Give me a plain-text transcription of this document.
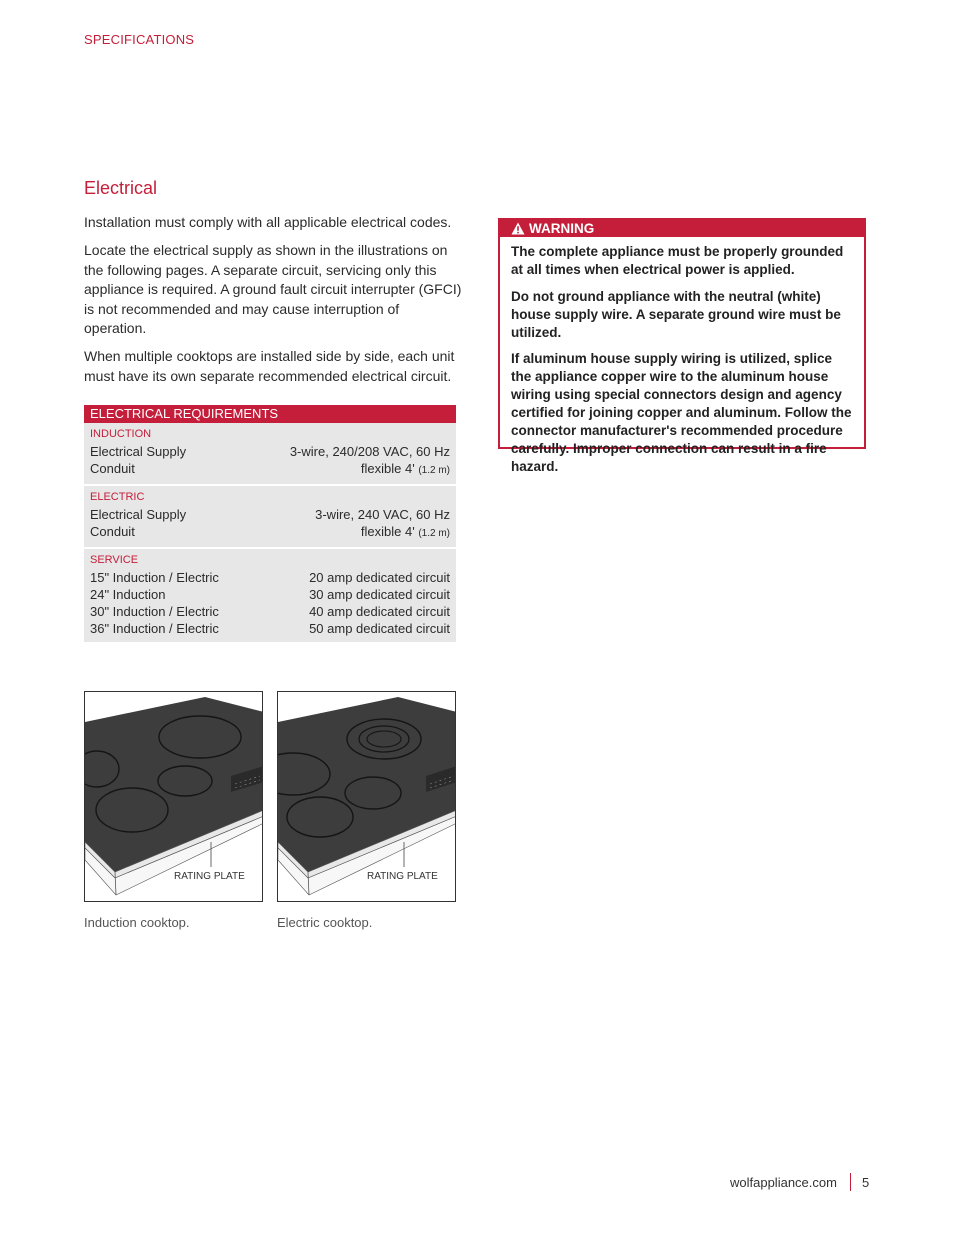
SPECIFICATIONS
Electrical

Installation must comply with all applicable electrical codes.

Locate the electrical supply as shown in the illustrations on the following pages. A separate circuit, servicing only this appliance is required. A ground fault circuit interrupter (GFCI) is not recommended and may cause interruption of operation.

When multiple cooktops are installed side by side, each unit must have its own separate recommended electrical circuit.

ELECTRICAL REQUIREMENTS
INDUCTION
Electrical Supply	3-wire, 240/208 VAC, 60 Hz
Conduit	flexible 4' (1.2 m)
ELECTRIC
Electrical Supply	3-wire, 240 VAC, 60 Hz
Conduit	flexible 4' (1.2 m)
SERVICE
15" Induction / Electric	20 amp dedicated circuit
24" Induction	30 amp dedicated circuit
30" Induction / Electric	40 amp dedicated circuit
36" Induction / Electric	50 amp dedicated circuit
WARNING

The complete appliance must be properly grounded at all times when electrical power is applied.

Do not ground appliance with the neutral (white) house supply wire. A separate ground wire must be utilized.

If aluminum house supply wiring is utilized, splice the appliance copper wire to the aluminum house wiring using special connectors design and agency certified for joining copper and aluminum. Follow the connector manufacturer's recommended procedure carefully. Improper connection can result in a fire hazard.

RATING PLATE
Induction cooktop.
RATING PLATE
Electric cooktop.
wolfappliance.com 5
